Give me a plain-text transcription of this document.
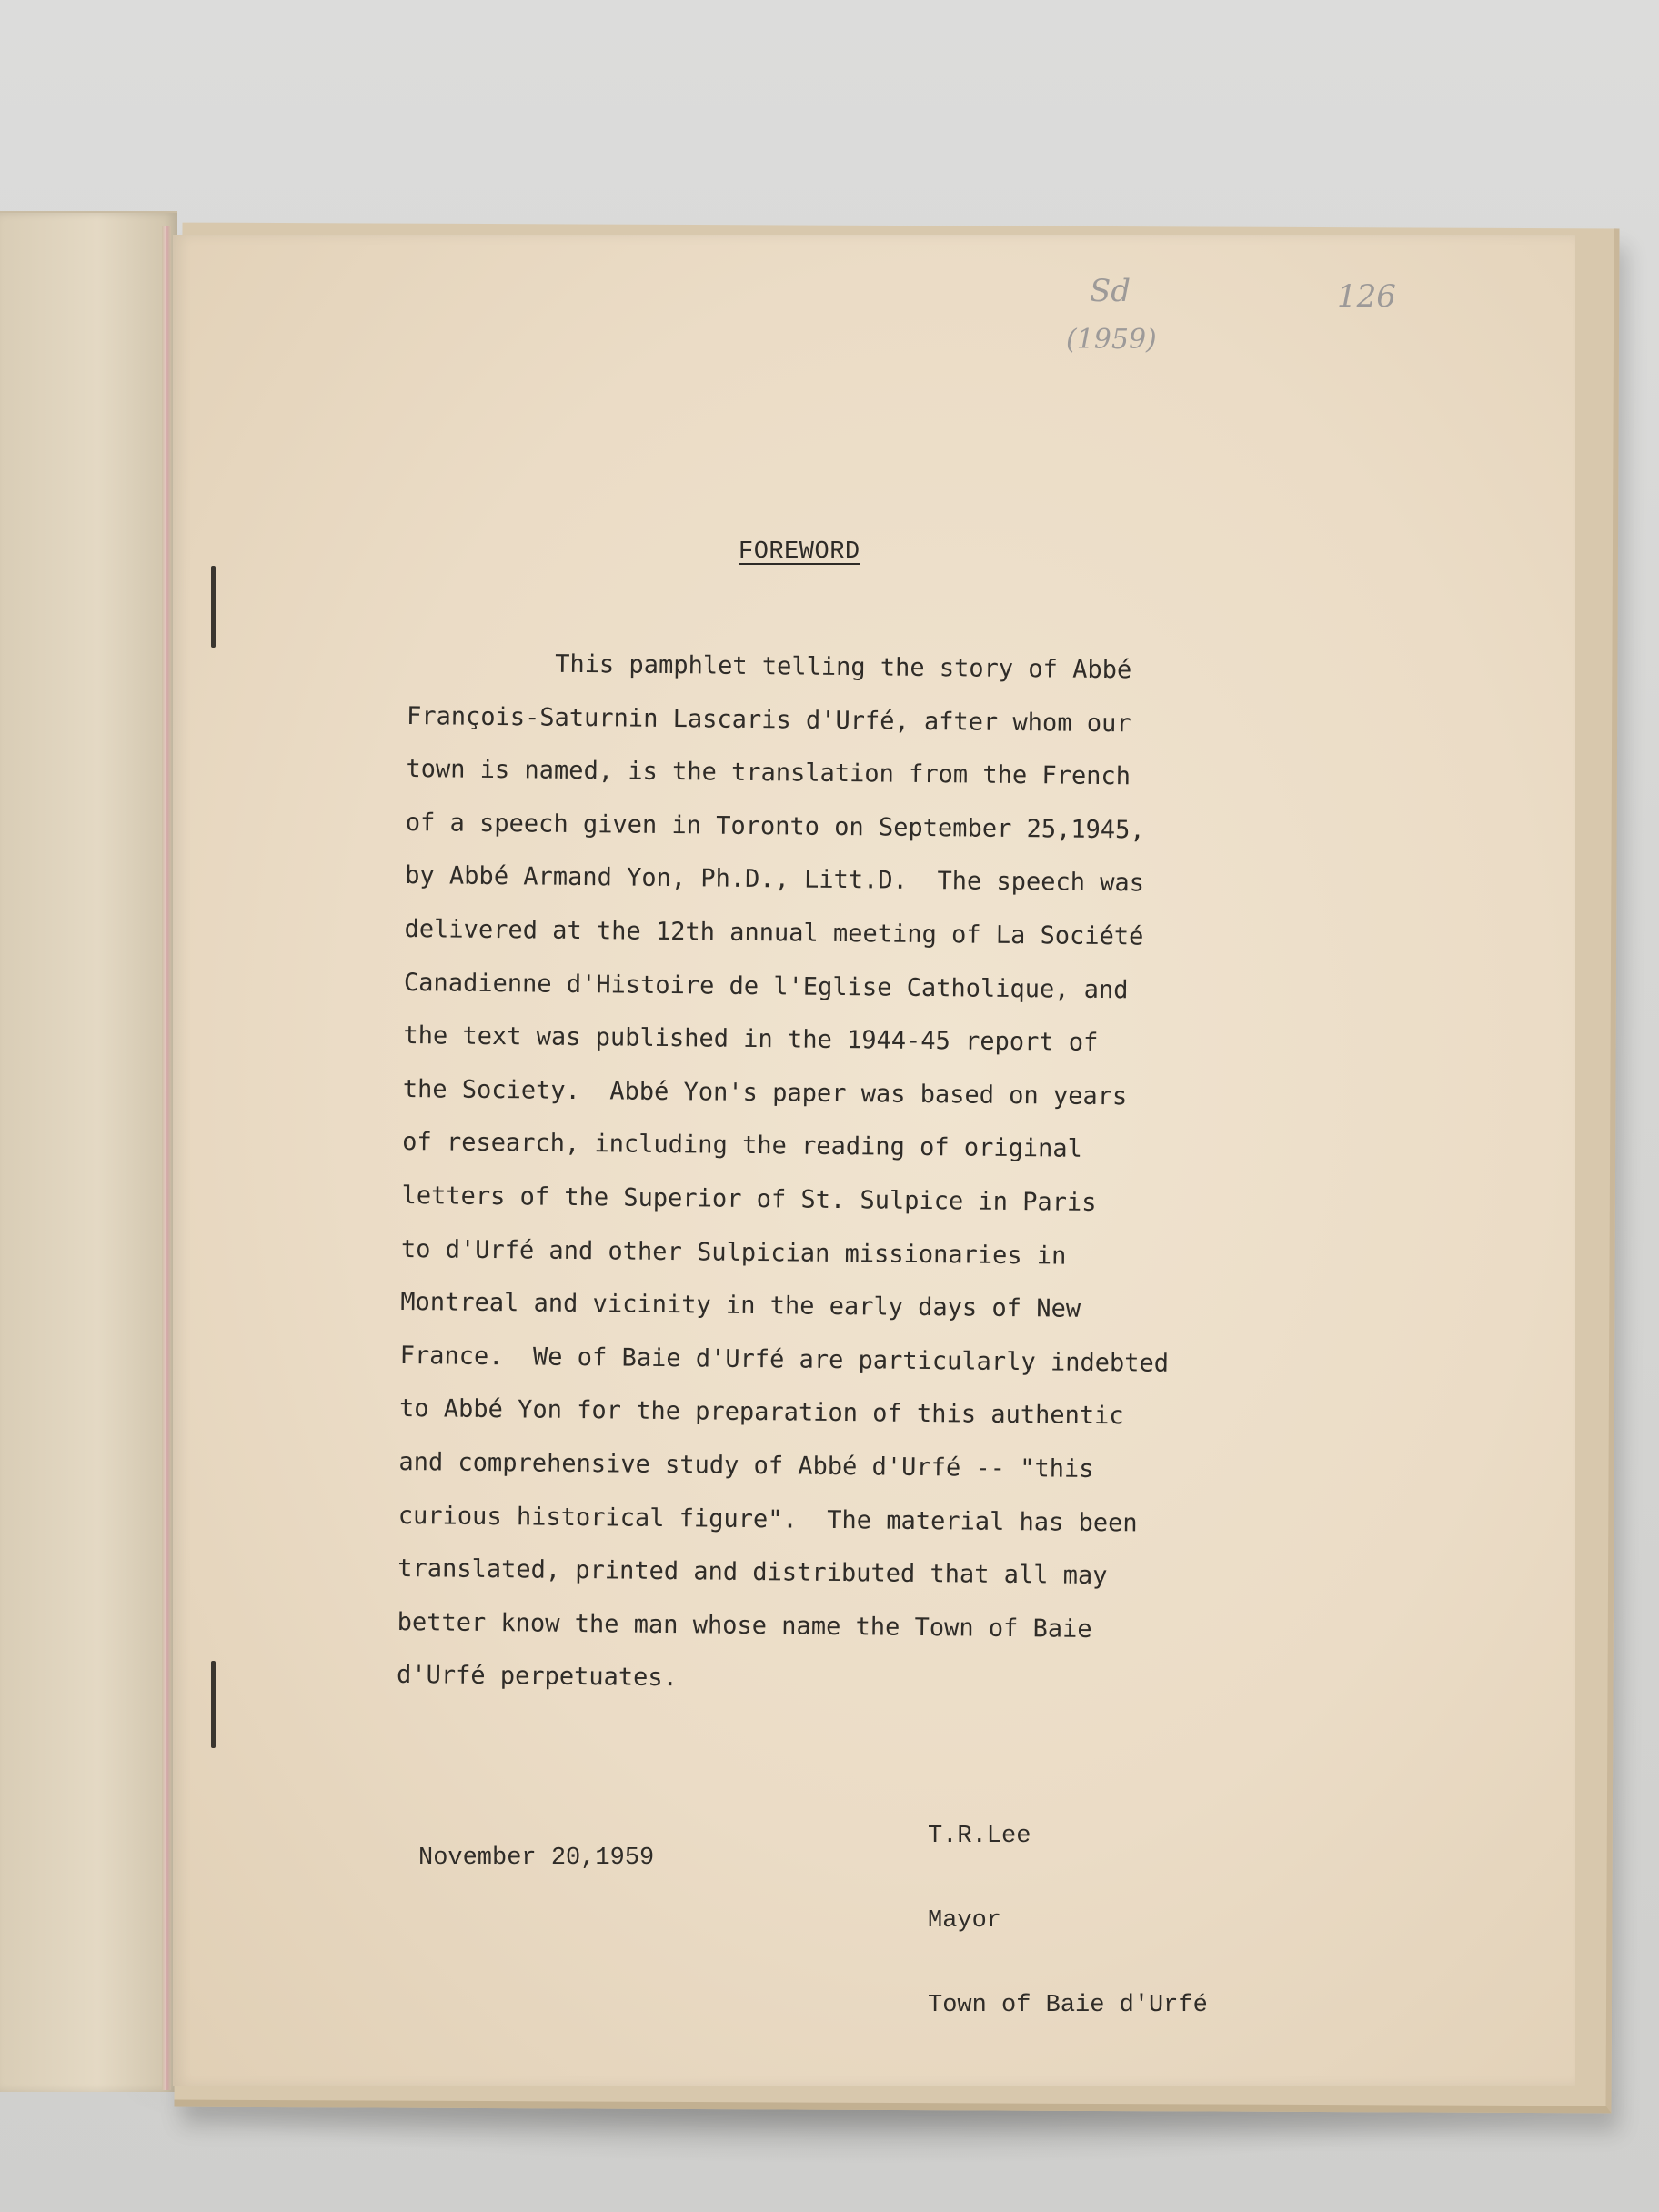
Sd
(1959)
126
FOREWORD
This pamphlet telling the story of Abbé
François-Saturnin Lascaris d'Urfé, after whom our
town is named, is the translation from the French
of a speech given in Toronto on September 25,1945,
by Abbé Armand Yon, Ph.D., Litt.D.  The speech was
delivered at the 12th annual meeting of La Société
Canadienne d'Histoire de l'Eglise Catholique, and
the text was published in the 1944-45 report of
the Society.  Abbé Yon's paper was based on years
of research, including the reading of original
letters of the Superior of St. Sulpice in Paris
to d'Urfé and other Sulpician missionaries in
Montreal and vicinity in the early days of New
France.  We of Baie d'Urfé are particularly indebted
to Abbé Yon for the preparation of this authentic
and comprehensive study of Abbé d'Urfé -- "this
curious historical figure".  The material has been
translated, printed and distributed that all may
better know the man whose name the Town of Baie
d'Urfé perpetuates.

T.R.Lee

Mayor

Town of Baie d'Urfé

November 20,1959
